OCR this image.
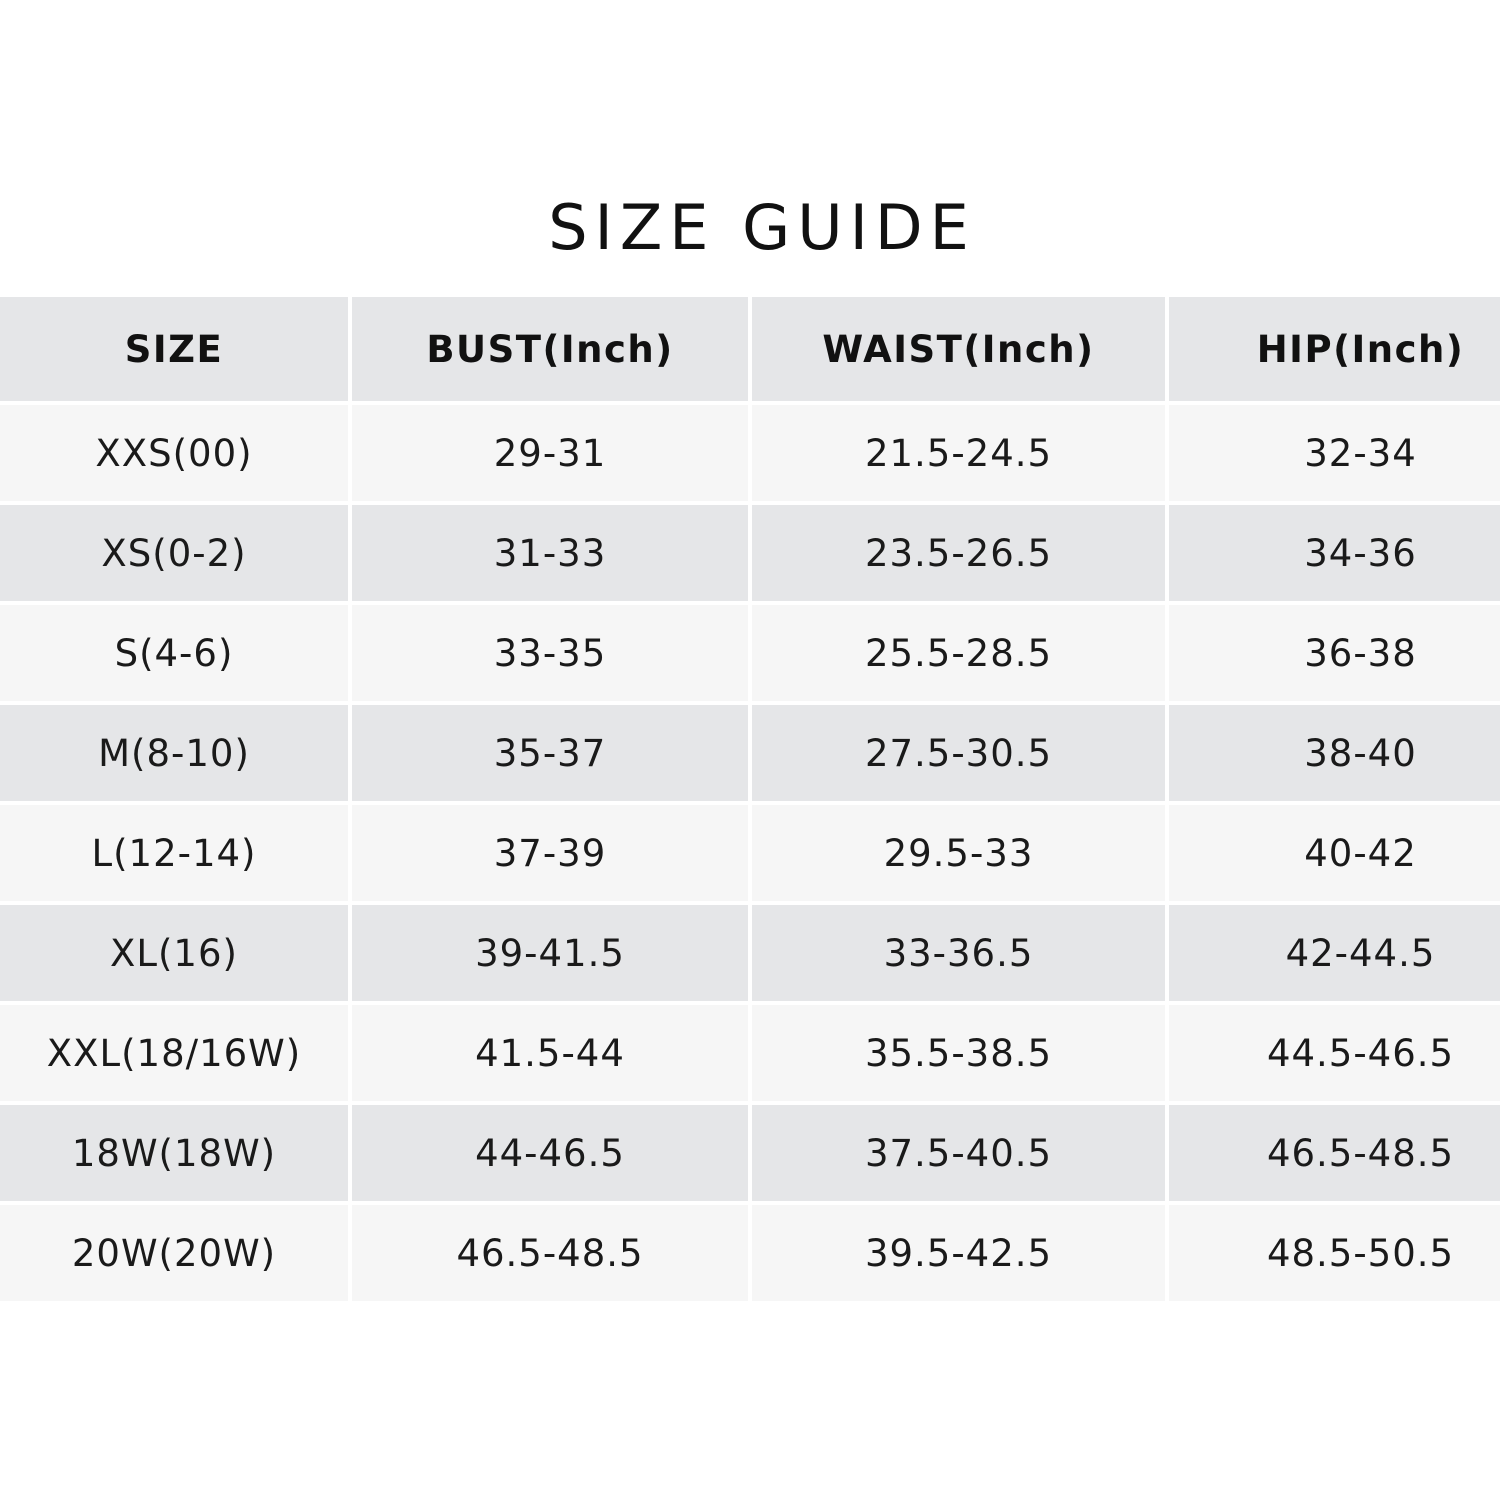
SIZE GUIDE
SIZE	BUST(Inch)	WAIST(Inch)	HIP(Inch)
XXS(00)	29-31	21.5-24.5	32-34
XS(0-2)	31-33	23.5-26.5	34-36
S(4-6)	33-35	25.5-28.5	36-38
M(8-10)	35-37	27.5-30.5	38-40
L(12-14)	37-39	29.5-33	40-42
XL(16)	39-41.5	33-36.5	42-44.5
XXL(18/16W)	41.5-44	35.5-38.5	44.5-46.5
18W(18W)	44-46.5	37.5-40.5	46.5-48.5
20W(20W)	46.5-48.5	39.5-42.5	48.5-50.5
